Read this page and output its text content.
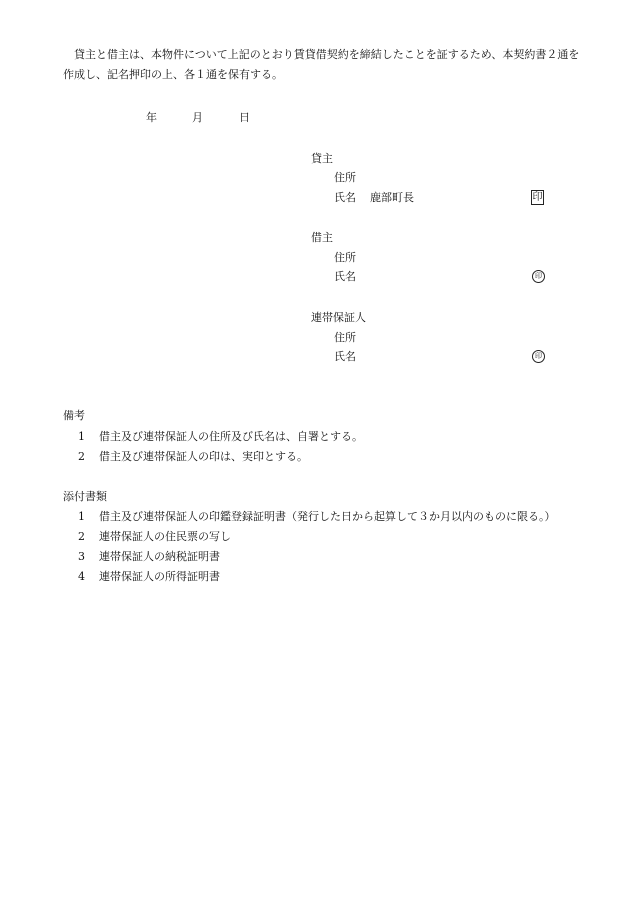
貸主と借主は、本物件について上記のとおり賃貸借契約を締結したことを証するため、本契約書２通を作成し、記名押印の上、各１通を保有する。
年	月	日
貸主
住所
氏名 鹿部町長	印
借主
住所
氏名	印
連帯保証人
住所
氏名	印
備考
1 借主及び連帯保証人の住所及び氏名は、自署とする。
2 借主及び連帯保証人の印は、実印とする。
添付書類
1 借主及び連帯保証人の印鑑登録証明書（発行した日から起算して３か月以内のものに限る。）
2 連帯保証人の住民票の写し
3 連帯保証人の納税証明書
4 連帯保証人の所得証明書
